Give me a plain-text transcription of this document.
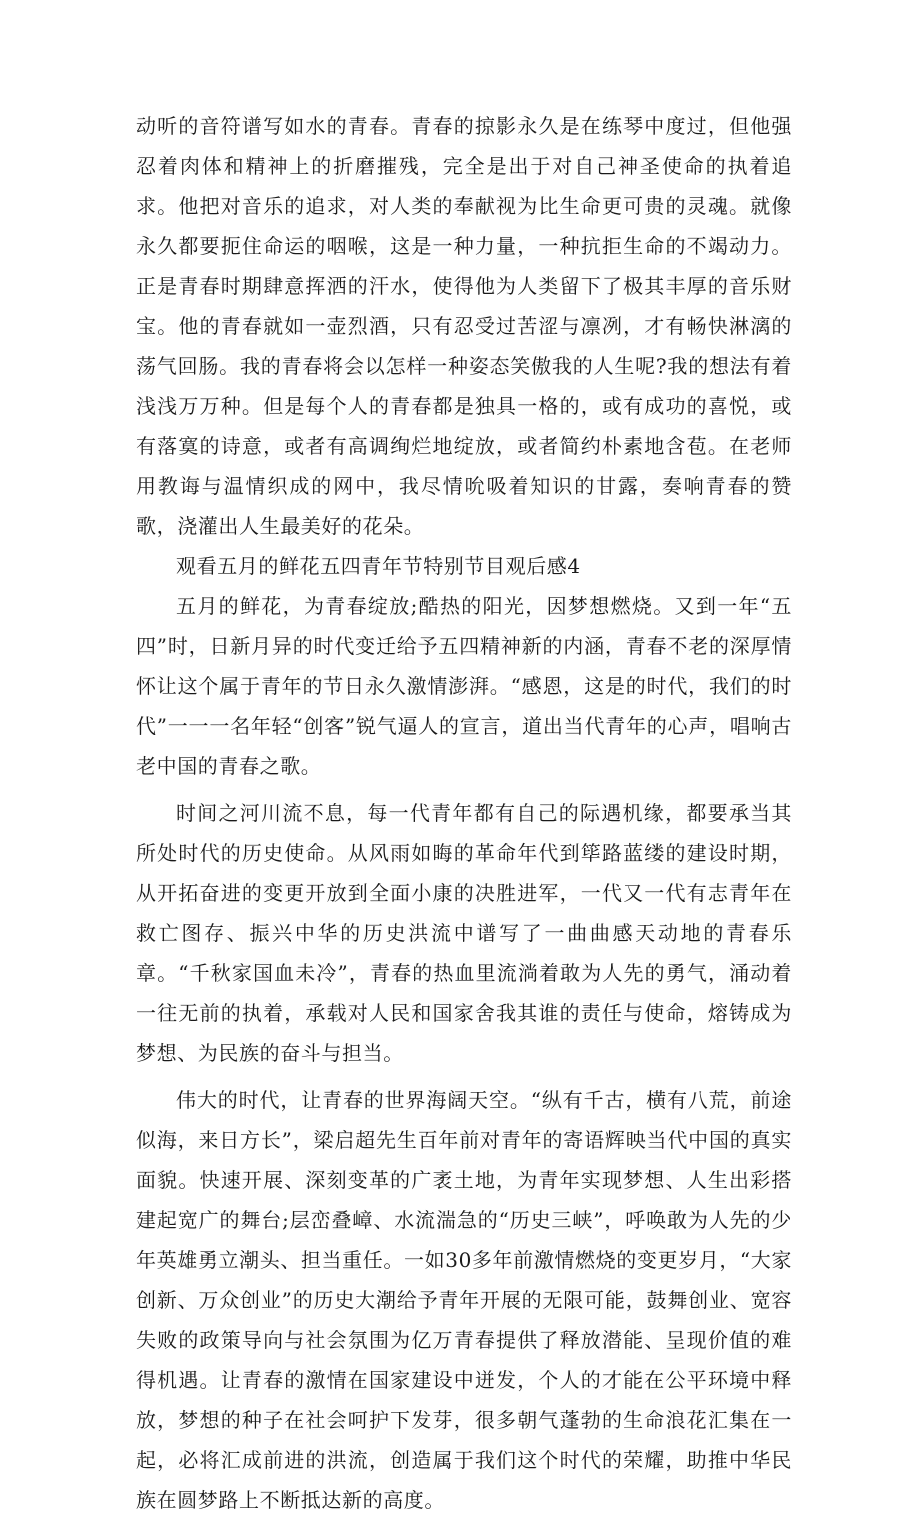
动听的音符谱写如水的青春。青春的掠影永久是在练琴中度过，但他强忍着肉体和精神上的折磨摧残，完全是出于对自己神圣使命的执着追求。他把对音乐的追求，对人类的奉献视为比生命更可贵的灵魂。就像永久都要扼住命运的咽喉，这是一种力量，一种抗拒生命的不竭动力。正是青春时期肆意挥洒的汗水，使得他为人类留下了极其丰厚的音乐财宝。他的青春就如一壶烈酒，只有忍受过苦涩与凛冽，才有畅快淋漓的荡气回肠。我的青春将会以怎样一种姿态笑傲我的人生呢?我的想法有着浅浅万万种。但是每个人的青春都是独具一格的，或有成功的喜悦，或有落寞的诗意，或者有高调绚烂地绽放，或者简约朴素地含苞。在老师用教诲与温情织成的网中，我尽情吮吸着知识的甘露，奏响青春的赞歌，浇灌出人生最美好的花朵。

观看五月的鲜花五四青年节特别节目观后感4

五月的鲜花，为青春绽放;酷热的阳光，因梦想燃烧。又到一年“五四”时，日新月异的时代变迁给予五四精神新的内涵，青春不老的深厚情怀让这个属于青年的节日永久激情澎湃。“感恩，这是的时代，我们的时代”一一一名年轻“创客”锐气逼人的宣言，道出当代青年的心声，唱响古老中国的青春之歌。

时间之河川流不息，每一代青年都有自己的际遇机缘，都要承当其所处时代的历史使命。从风雨如晦的革命年代到筚路蓝缕的建设时期，从开拓奋进的变更开放到全面小康的决胜进军，一代又一代有志青年在救亡图存、振兴中华的历史洪流中谱写了一曲曲感天动地的青春乐章。“千秋家国血未冷”，青春的热血里流淌着敢为人先的勇气，涌动着一往无前的执着，承载对人民和国家舍我其谁的责任与使命，熔铸成为梦想、为民族的奋斗与担当。

伟大的时代，让青春的世界海阔天空。“纵有千古，横有八荒，前途似海，来日方长”，梁启超先生百年前对青年的寄语辉映当代中国的真实面貌。快速开展、深刻变革的广袤土地，为青年实现梦想、人生出彩搭建起宽广的舞台;层峦叠嶂、水流湍急的“历史三峡”，呼唤敢为人先的少年英雄勇立潮头、担当重任。一如30多年前激情燃烧的变更岁月，“大家创新、万众创业”的历史大潮给予青年开展的无限可能，鼓舞创业、宽容失败的政策导向与社会氛围为亿万青春提供了释放潜能、呈现价值的难得机遇。让青春的激情在国家建设中迸发，个人的才能在公平环境中释放，梦想的种子在社会呵护下发芽，很多朝气蓬勃的生命浪花汇集在一起，必将汇成前进的洪流，创造属于我们这个时代的荣耀，助推中华民族在圆梦路上不断抵达新的高度。
